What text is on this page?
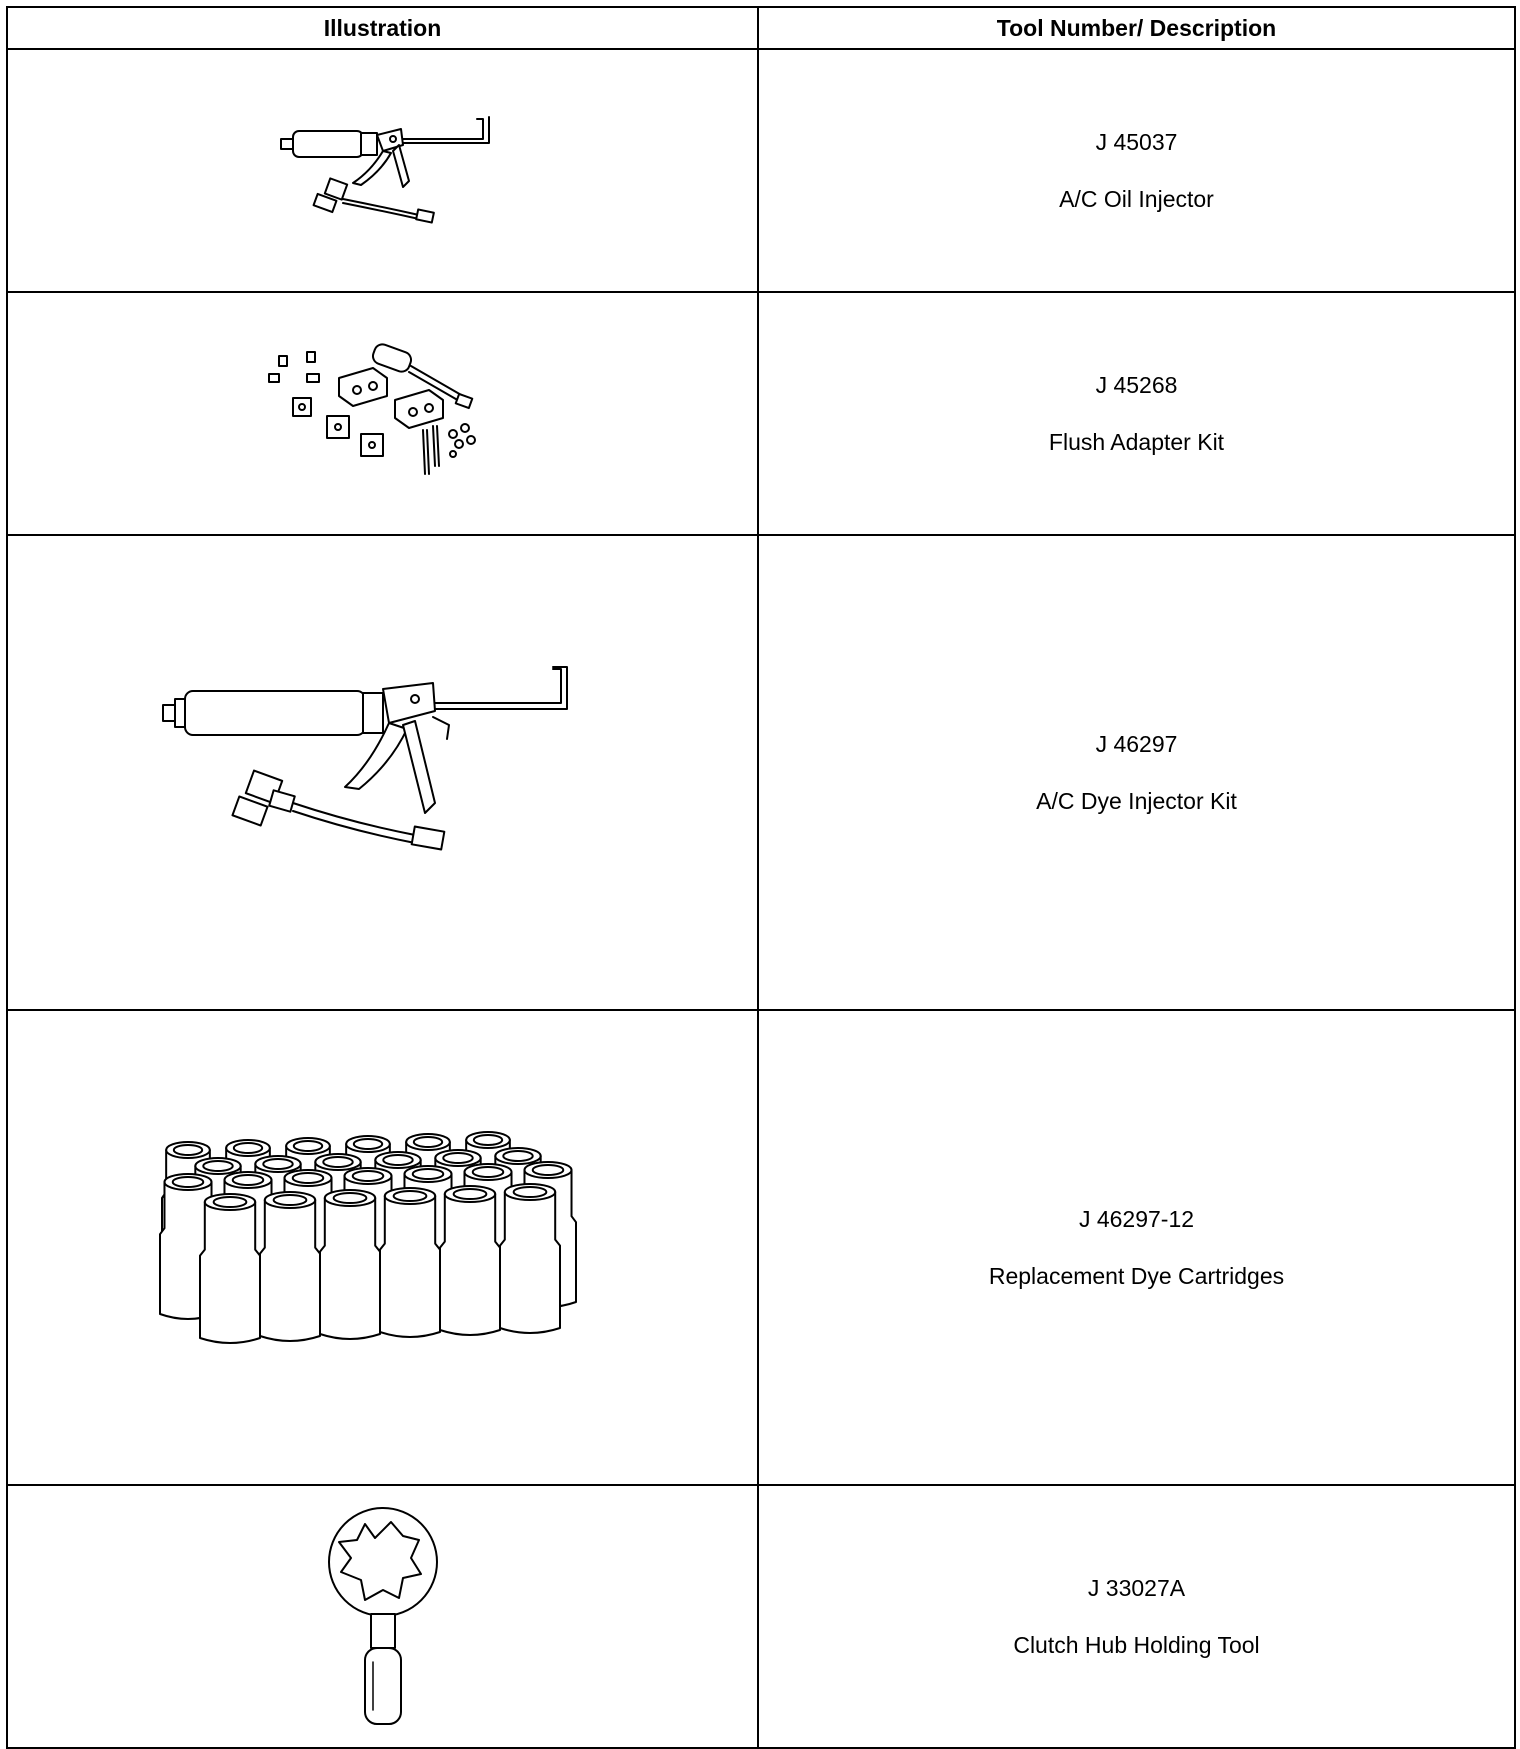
Illustration	Tool Number/ Description

J 45037
A/C Oil Injector

J 45268
Flush Adapter Kit

J 46297
A/C Dye Injector Kit

J 46297-12
Replacement Dye Cartridges

J 33027A
Clutch Hub Holding Tool
